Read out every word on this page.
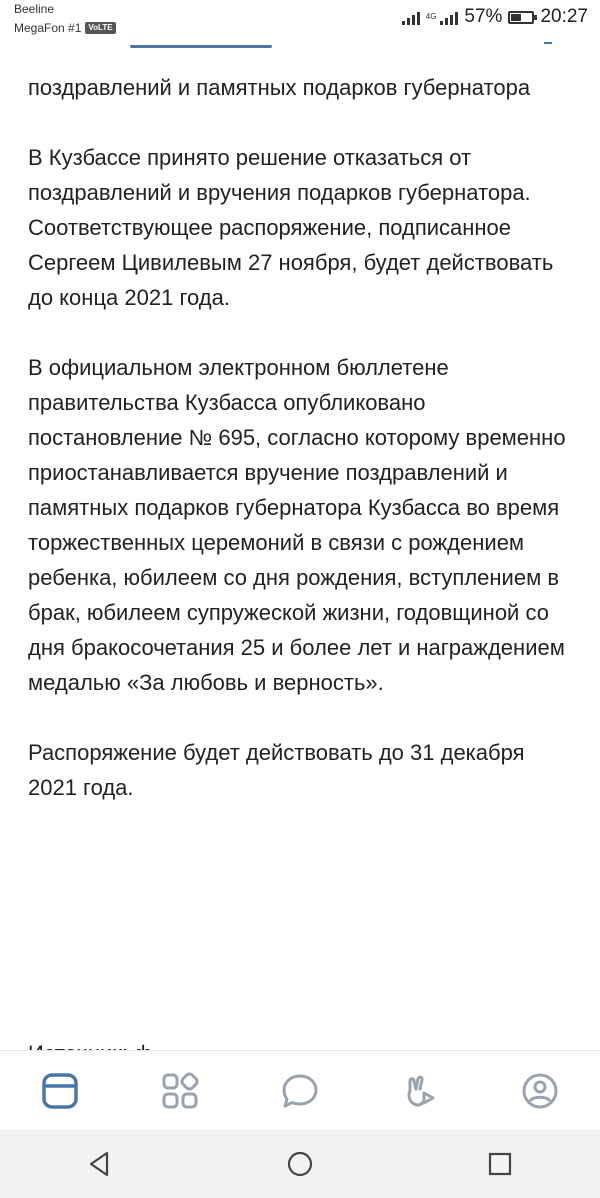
Beeline
MegaFon #1 VoLTE
4G 57% 20:27

поздравлений и памятных подарков губернатора

В Кузбассе принято решение отказаться от поздравлений и вручения подарков губернатора. Соответствующее распоряжение, подписанное Сергеем Цивилевым 27 ноября, будет действовать до конца 2021 года.

В официальном электронном бюллетене правительства Кузбасса опубликовано постановление № 695, согласно которому временно приостанавливается вручение поздравлений и памятных подарков губернатора Кузбасса во время торжественных церемоний в связи с рождением ребенка, юбилеем со дня рождения, вступлением в брак, юбилеем супружеской жизни, годовщиной со дня бракосочетания 25 и более лет и награждением медалью «За любовь и верность».

Распоряжение будет действовать до 31 декабря 2021 года.
